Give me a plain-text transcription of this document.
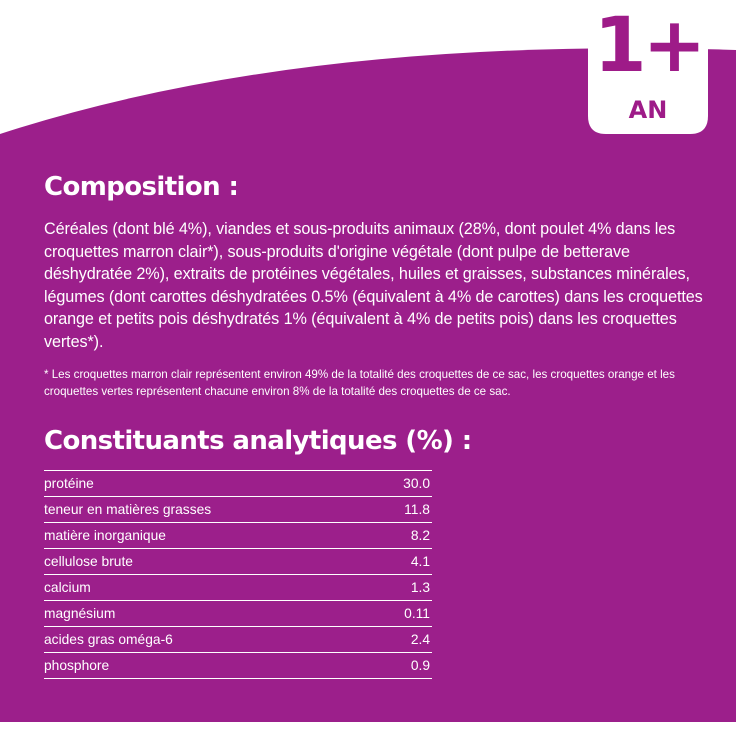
1+
AN
Composition :

Céréales (dont blé 4%), viandes et sous-produits animaux (28%, dont poulet 4% dans les croquettes marron clair*), sous-produits d'origine végétale (dont pulpe de betterave déshydratée 2%), extraits de protéines végétales, huiles et graisses, substances minérales, légumes (dont carottes déshydratées 0.5% (équivalent à 4% de carottes) dans les croquettes orange et petits pois déshydratés 1% (équivalent à 4% de petits pois) dans les croquettes vertes*).

* Les croquettes marron clair représentent environ 49% de la totalité des croquettes de ce sac, les croquettes orange et les croquettes vertes représentent chacune environ 8% de la totalité des croquettes de ce sac.

Constituants analytiques (%) :
protéine	30.0
teneur en matières grasses	11.8
matière inorganique	8.2
cellulose brute	4.1
calcium	1.3
magnésium	0.11
acides gras oméga-6	2.4
phosphore	0.9
